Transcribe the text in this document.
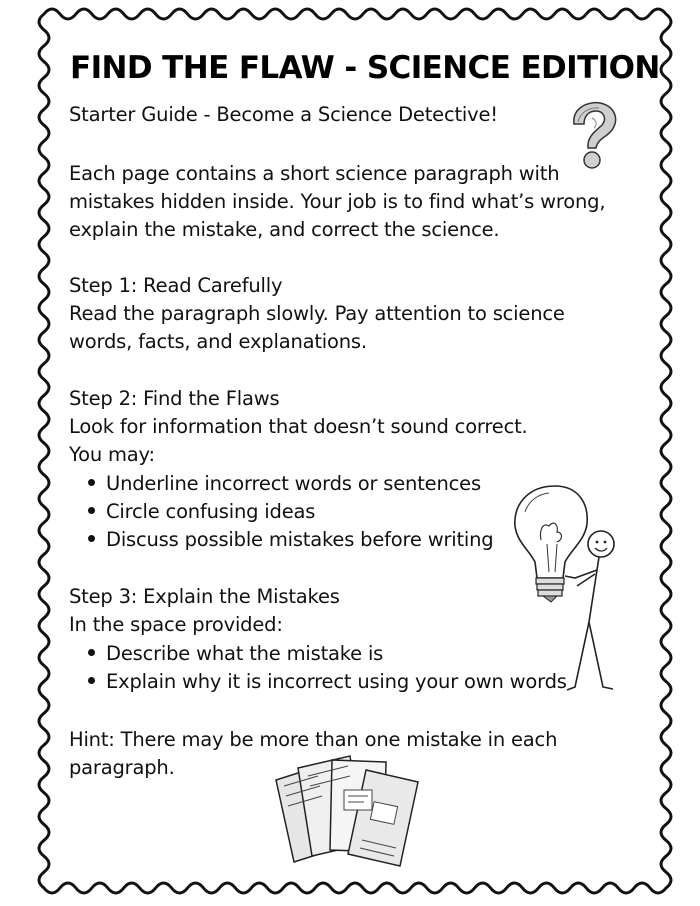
FIND THE FLAW - SCIENCE EDITION
Starter Guide - Become a Science Detective!
Each page contains a short science paragraph with
mistakes hidden inside. Your job is to find what’s wrong,
explain the mistake, and correct the science.
Step 1: Read Carefully
Read the paragraph slowly. Pay attention to science
words, facts, and explanations.
Step 2: Find the Flaws
Look for information that doesn’t sound correct.
You may:
Underline incorrect words or sentences
Circle confusing ideas
Discuss possible mistakes before writing
Step 3: Explain the Mistakes
In the space provided:
Describe what the mistake is
Explain why it is incorrect using your own words
Hint: There may be more than one mistake in each
paragraph.
